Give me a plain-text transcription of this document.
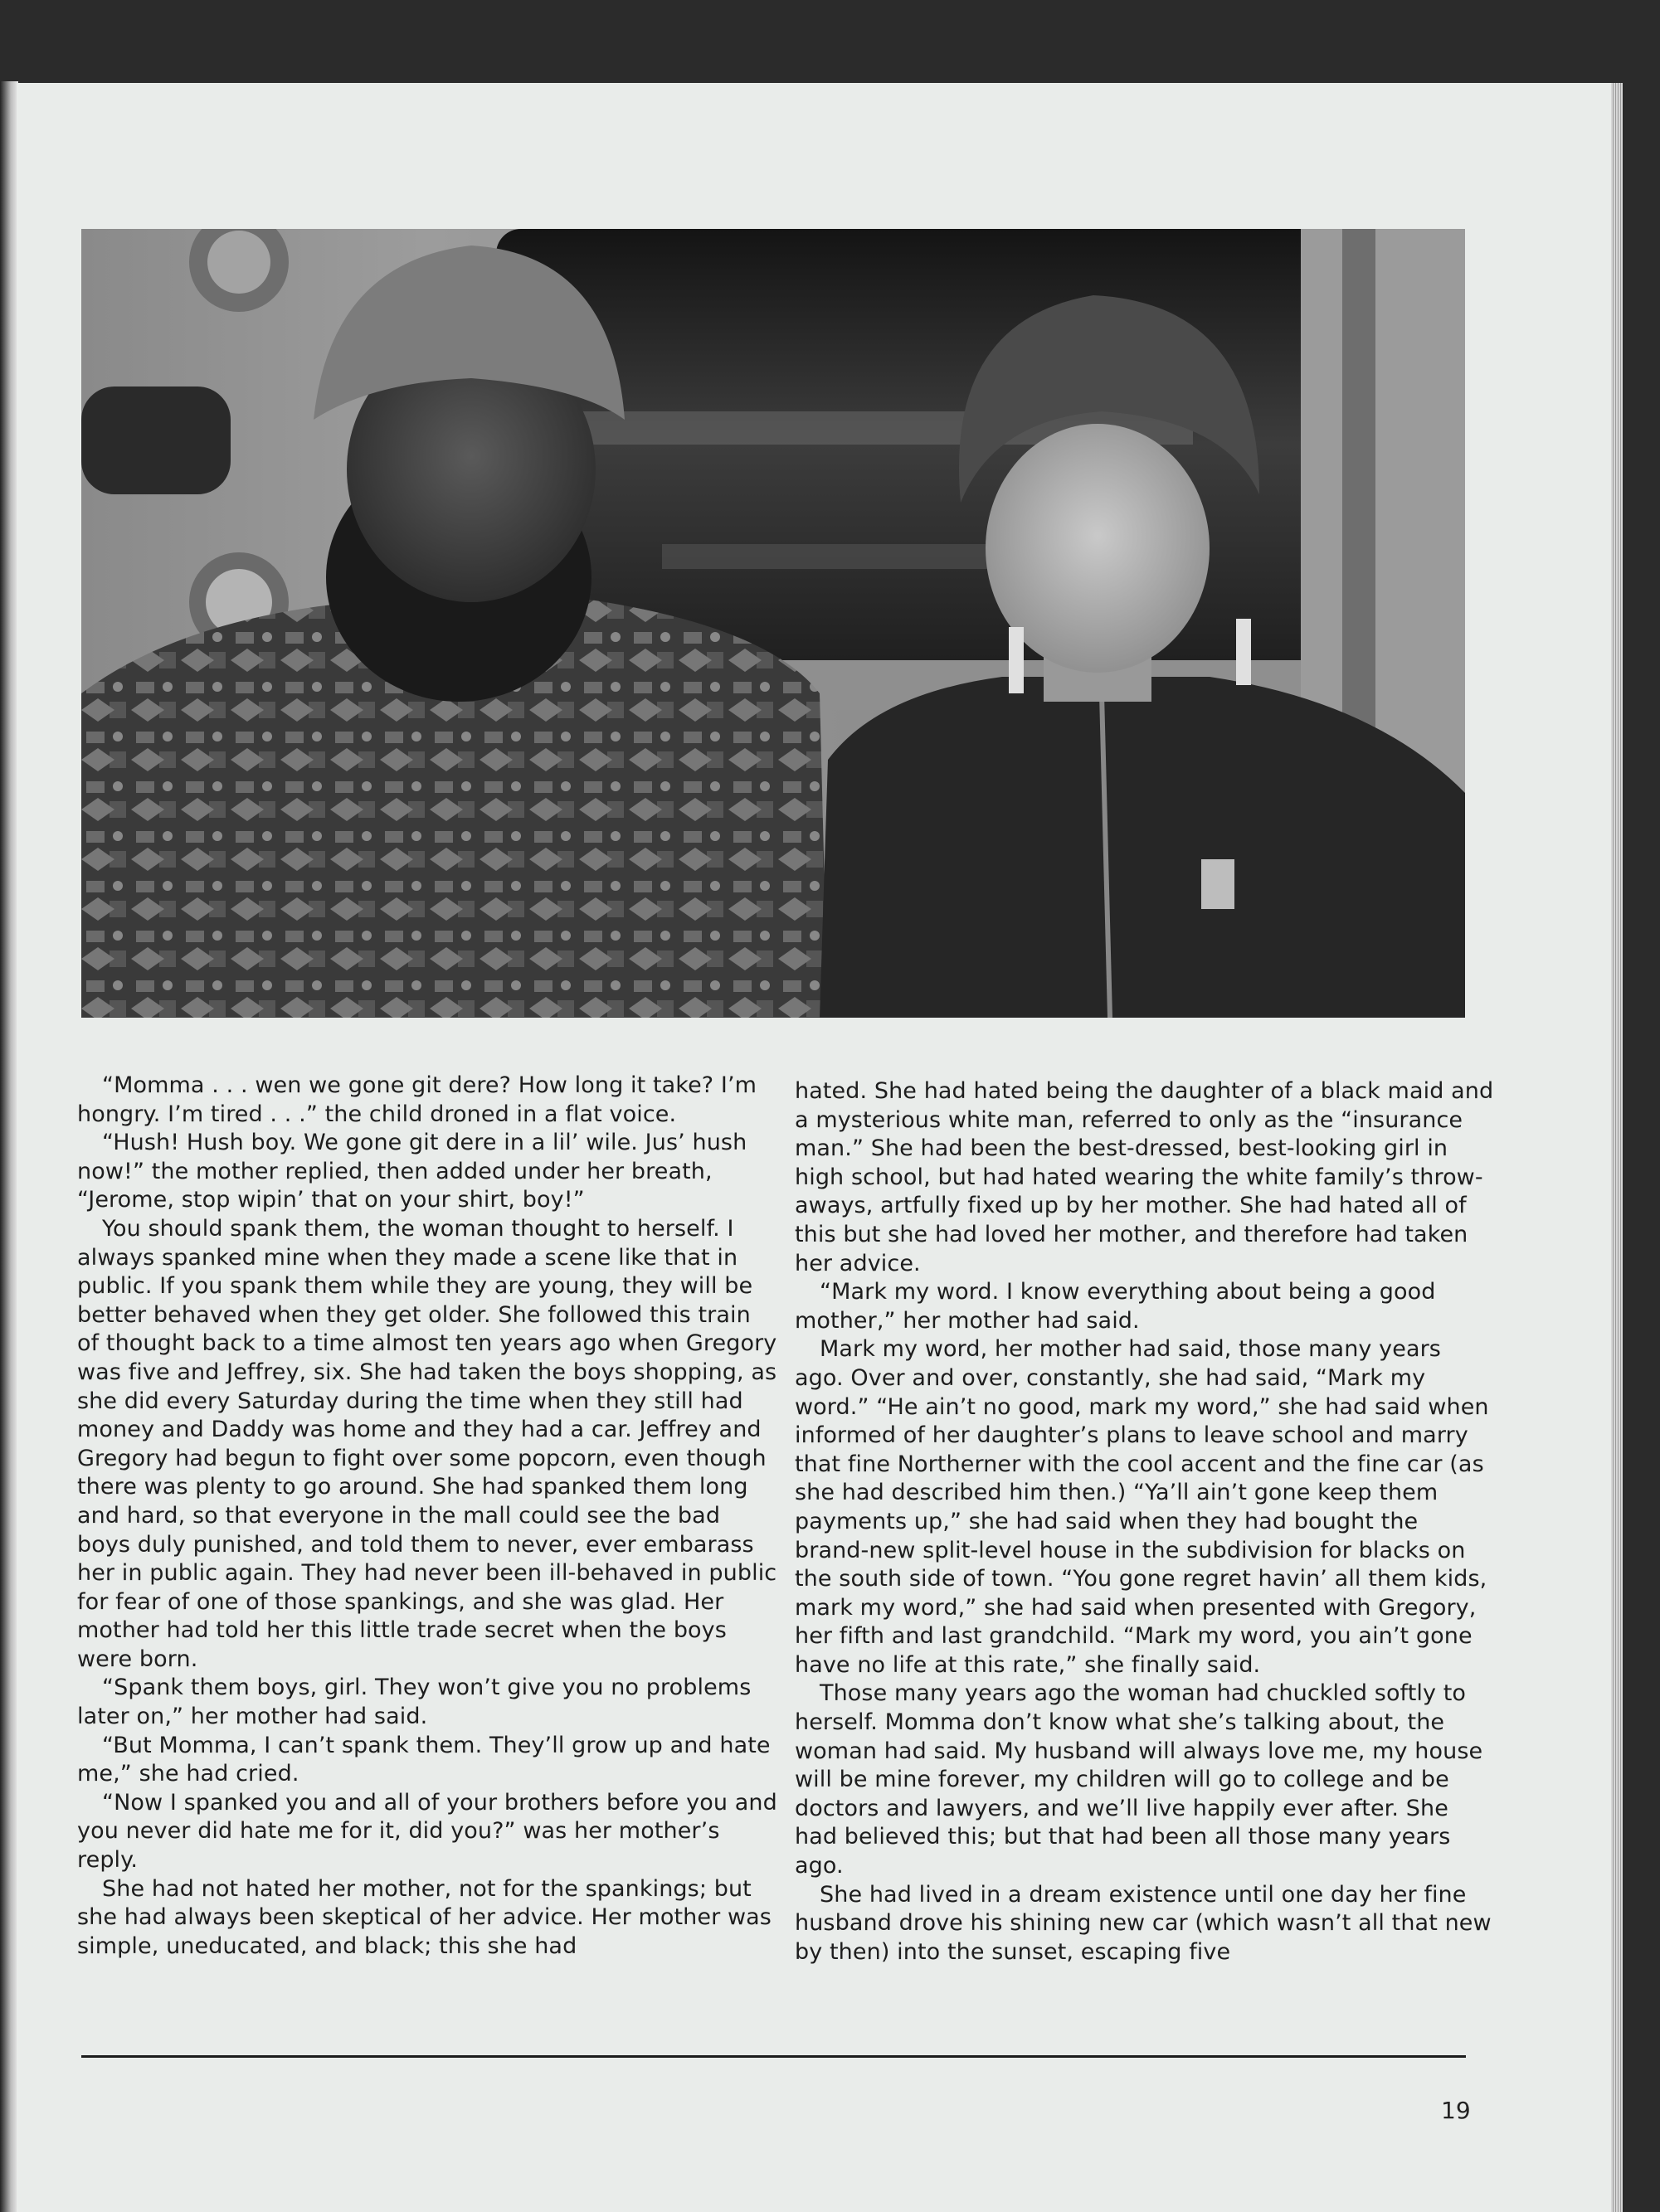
“Momma . . . wen we gone git dere? How long it take? I’m hongry. I’m tired . . .” the child droned in a flat voice.

“Hush! Hush boy. We gone git dere in a lil’ wile. Jus’ hush now!” the mother replied, then added under her breath, “Jerome, stop wipin’ that on your shirt, boy!”

You should spank them, the woman thought to herself. I always spanked mine when they made a scene like that in public. If you spank them while they are young, they will be better behaved when they get older. She followed this train of thought back to a time almost ten years ago when Gregory was five and Jeffrey, six. She had taken the boys shopping, as she did every Saturday during the time when they still had money and Daddy was home and they had a car. Jeffrey and Gregory had begun to fight over some popcorn, even though there was plenty to go around. She had spanked them long and hard, so that everyone in the mall could see the bad boys duly punished, and told them to never, ever embarass her in public again. They had never been ill-behaved in public for fear of one of those spankings, and she was glad. Her mother had told her this little trade secret when the boys were born.

“Spank them boys, girl. They won’t give you no problems later on,” her mother had said.

“But Momma, I can’t spank them. They’ll grow up and hate me,” she had cried.

“Now I spanked you and all of your brothers before you and you never did hate me for it, did you?” was her mother’s reply.

She had not hated her mother, not for the spankings; but she had always been skeptical of her advice. Her mother was simple, uneducated, and black; this she had

hated. She had hated being the daughter of a black maid and a mysterious white man, referred to only as the “insurance man.” She had been the best-dressed, best-looking girl in high school, but had hated wearing the white family’s throw-aways, artfully fixed up by her mother. She had hated all of this but she had loved her mother, and therefore had taken her advice.

“Mark my word. I know everything about being a good mother,” her mother had said.

Mark my word, her mother had said, those many years ago. Over and over, constantly, she had said, “Mark my word.” “He ain’t no good, mark my word,” she had said when informed of her daughter’s plans to leave school and marry that fine Northerner with the cool accent and the fine car (as she had described him then.) “Ya’ll ain’t gone keep them payments up,” she had said when they had bought the brand-new split-level house in the subdivision for blacks on the south side of town. “You gone regret havin’ all them kids, mark my word,” she had said when presented with Gregory, her fifth and last grandchild. “Mark my word, you ain’t gone have no life at this rate,” she finally said.

Those many years ago the woman had chuckled softly to herself. Momma don’t know what she’s talking about, the woman had said. My husband will always love me, my house will be mine forever, my children will go to college and be doctors and lawyers, and we’ll live happily ever after. She had believed this; but that had been all those many years ago.

She had lived in a dream existence until one day her fine husband drove his shining new car (which wasn’t all that new by then) into the sunset, escaping five

19
